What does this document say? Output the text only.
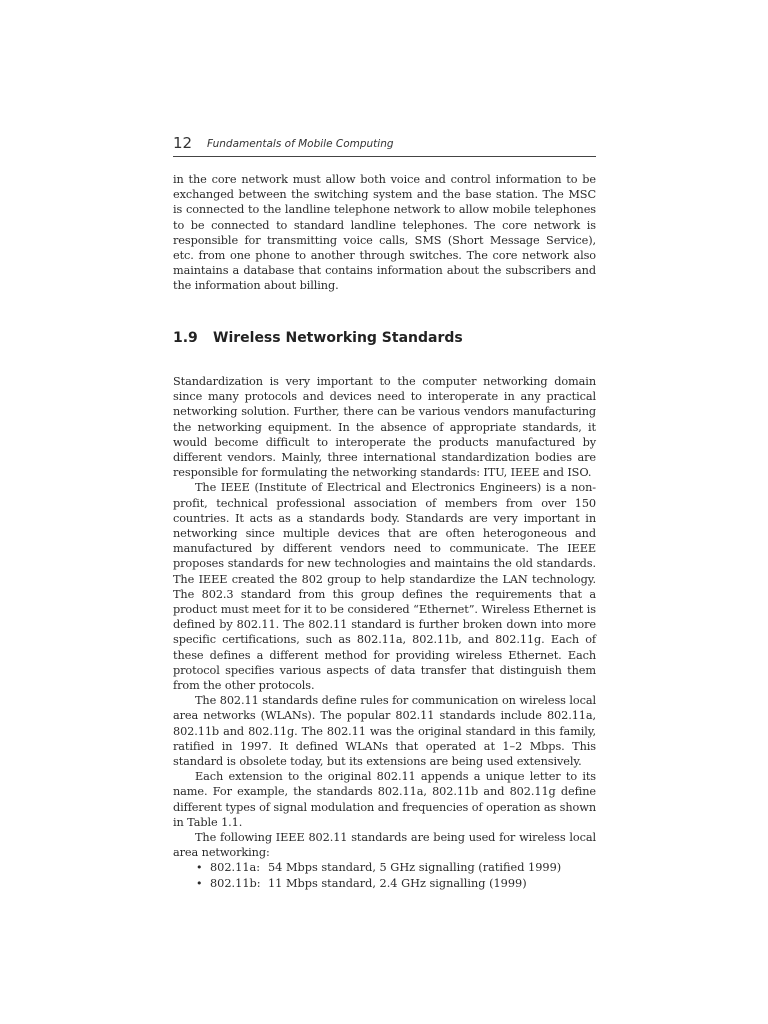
12 Fundamentals of Mobile Computing

in the core network must allow both voice and control information to be exchanged between the switching system and the base station. The MSC is connected to the landline telephone network to allow mobile telephones to be connected to standard landline telephones. The core network is responsible for transmitting voice calls, SMS (Short Message Service), etc. from one phone to another through switches. The core network also maintains a database that contains information about the subscribers and the information about billing.

1.9 Wireless Networking Standards

Standardization is very important to the computer networking domain since many protocols and devices need to interoperate in any practical networking solution. Further, there can be various vendors manufacturing the networking equipment. In the absence of appropriate standards, it would become difficult to interoperate the products manufactured by different vendors. Mainly, three international standardization bodies are responsible for formulating the networking standards: ITU, IEEE and ISO.

The IEEE (Institute of Electrical and Electronics Engineers) is a non-profit, technical professional association of members from over 150 countries. It acts as a standards body. Standards are very important in networking since multiple devices that are often heterogoneous and manufactured by different vendors need to communicate. The IEEE proposes standards for new technologies and maintains the old standards. The IEEE created the 802 group to help standardize the LAN technology. The 802.3 standard from this group defines the requirements that a product must meet for it to be considered “Ethernet”. Wireless Ethernet is defined by 802.11. The 802.11 standard is further broken down into more specific certifications, such as 802.11a, 802.11b, and 802.11g. Each of these defines a different method for providing wireless Ethernet. Each protocol specifies various aspects of data transfer that distinguish them from the other protocols.

The 802.11 standards define rules for communication on wireless local area networks (WLANs). The popular 802.11 standards include 802.11a, 802.11b and 802.11g. The 802.11 was the original standard in this family, ratified in 1997. It defined WLANs that operated at 1–2 Mbps. This standard is obsolete today, but its extensions are being used extensively.

Each extension to the original 802.11 appends a unique letter to its name. For example, the standards 802.11a, 802.11b and 802.11g define different types of signal modulation and frequencies of operation as shown in Table 1.1.

The following IEEE 802.11 standards are being used for wireless local area networking:

• 802.11a: 54 Mbps standard, 5 GHz signalling (ratified 1999)
• 802.11b: 11 Mbps standard, 2.4 GHz signalling (1999)
